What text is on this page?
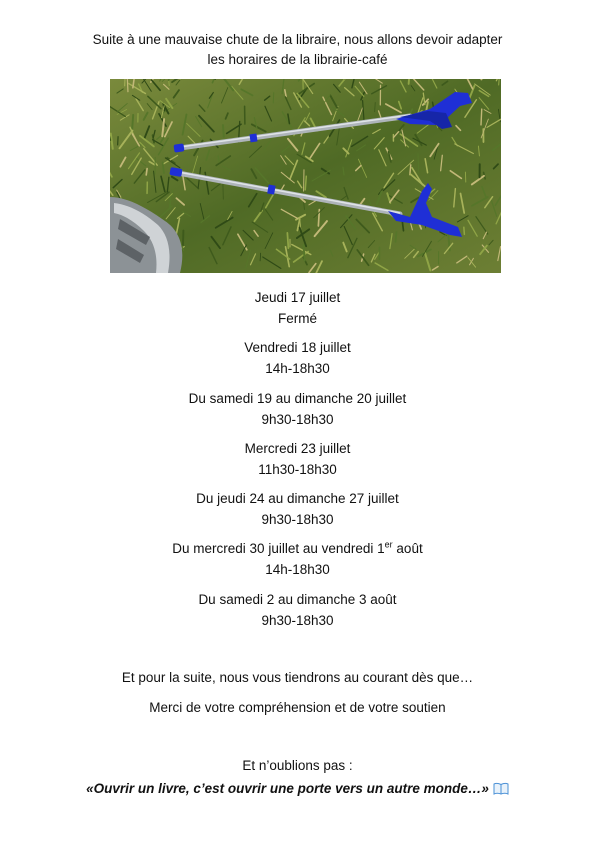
Suite à une mauvaise chute de la libraire, nous allons devoir adapter
les horaires de la librairie-café
Jeudi 17 juillet
Fermé
Vendredi 18 juillet
14h-18h30
Du samedi 19 au dimanche 20 juillet
9h30-18h30
Mercredi 23 juillet
11h30-18h30
Du jeudi 24 au dimanche 27 juillet
9h30-18h30
Du mercredi 30 juillet au vendredi 1er août
14h-18h30
Du samedi 2 au dimanche 3 août
9h30-18h30
Et pour la suite, nous vous tiendrons au courant dès que…
Merci de votre compréhension et de votre soutien
Et n’oublions pas :
«Ouvrir un livre, c’est ouvrir une porte vers un autre monde…»
